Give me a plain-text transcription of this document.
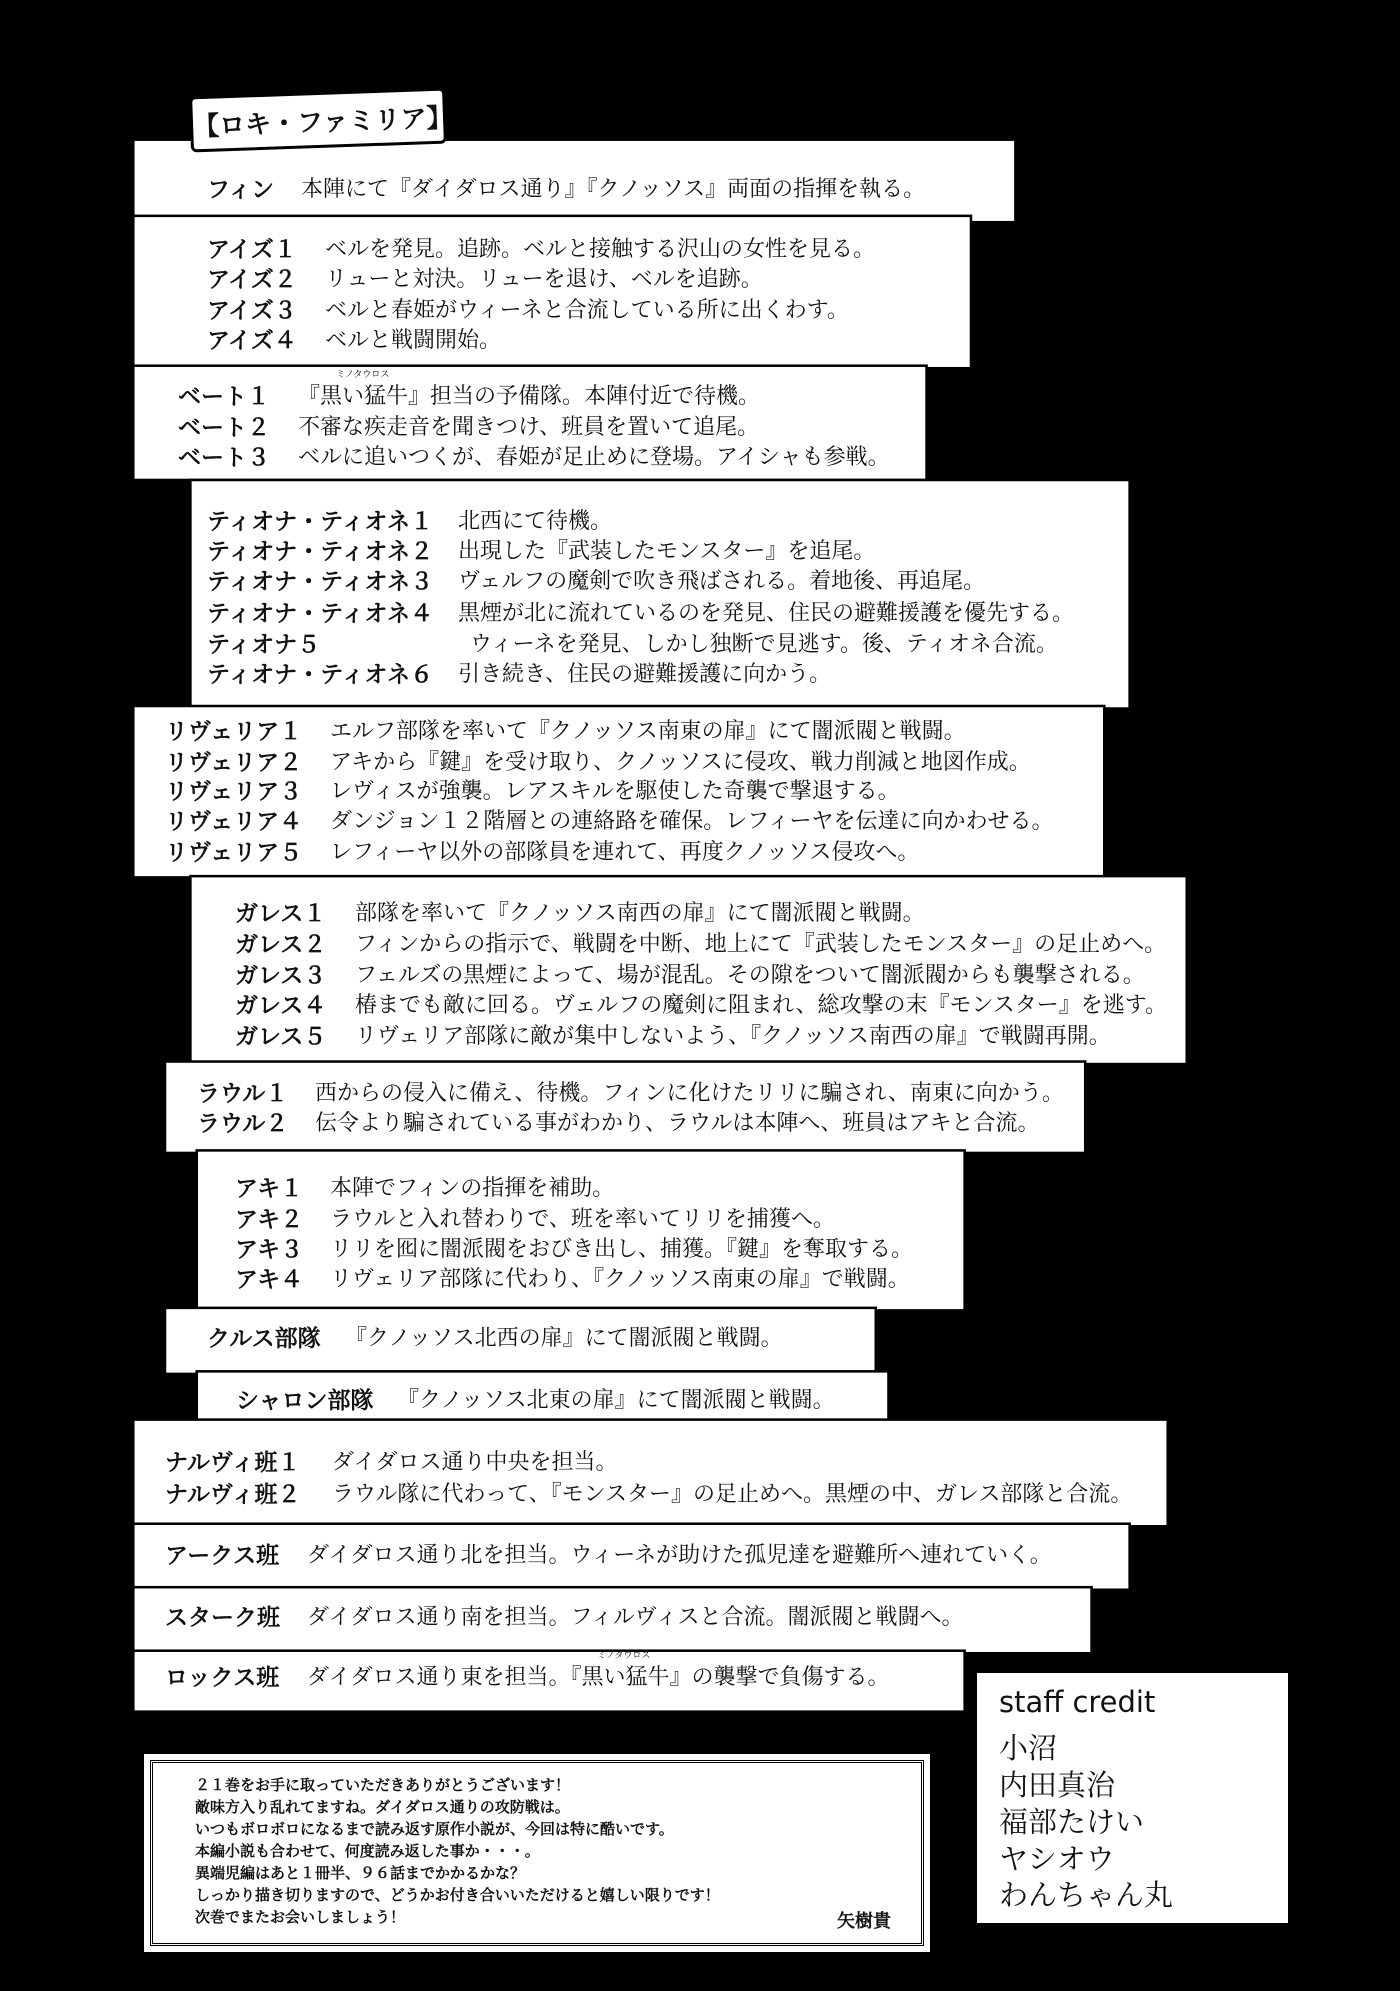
【ロキ・ファミリア】
フィン 本陣にて『ダイダロス通り』『クノッソス』両面の指揮を執る。
アイズ１ ベルを発見。追跡。ベルと接触する沢山の女性を見る。
アイズ２ リューと対決。リューを退け、ベルを追跡。
アイズ３ ベルと春姫がウィーネと合流している所に出くわす。
アイズ４ ベルと戦闘開始。
ベート１ 『黒い猛牛』担当の予備隊。本陣付近で待機。
ミノタウロス
ベート２ 不審な疾走音を聞きつけ、班員を置いて追尾。
ベート３ ベルに追いつくが、春姫が足止めに登場。アイシャも参戦。
ティオナ・ティオネ１ 北西にて待機。
ティオナ・ティオネ２ 出現した『武装したモンスター』を追尾。
ティオナ・ティオネ３ ヴェルフの魔剣で吹き飛ばされる。着地後、再追尾。
ティオナ・ティオネ４ 黒煙が北に流れているのを発見、住民の避難援護を優先する。
ティオナ５	ウィーネを発見、しかし独断で見逃す。後、ティオネ合流。
ティオナ・ティオネ６ 引き続き、住民の避難援護に向かう。
リヴェリア１ エルフ部隊を率いて『クノッソス南東の扉』にて闇派閥と戦闘。
リヴェリア２ アキから『鍵』を受け取り、クノッソスに侵攻、戦力削減と地図作成。
リヴェリア３ レヴィスが強襲。レアスキルを駆使した奇襲で撃退する。
リヴェリア４ ダンジョン１２階層との連絡路を確保。レフィーヤを伝達に向かわせる。
リヴェリア５ レフィーヤ以外の部隊員を連れて、再度クノッソス侵攻へ。
ガレス１ 部隊を率いて『クノッソス南西の扉』にて闇派閥と戦闘。
ガレス２ フィンからの指示で、戦闘を中断、地上にて『武装したモンスター』の足止めへ。
ガレス３ フェルズの黒煙によって、場が混乱。その隙をついて闇派閥からも襲撃される。
ガレス４ 椿までも敵に回る。ヴェルフの魔剣に阻まれ、総攻撃の末『モンスター』を逃す。
ガレス５ リヴェリア部隊に敵が集中しないよう、『クノッソス南西の扉』で戦闘再開。
ラウル１ 西からの侵入に備え、待機。フィンに化けたリリに騙され、南東に向かう。
ラウル２ 伝令より騙されている事がわかり、ラウルは本陣へ、班員はアキと合流。
アキ１ 本陣でフィンの指揮を補助。
アキ２ ラウルと入れ替わりで、班を率いてリリを捕獲へ。
アキ３ リリを囮に闇派閥をおびき出し、捕獲。『鍵』を奪取する。
アキ４ リヴェリア部隊に代わり、『クノッソス南東の扉』で戦闘。
クルス部隊 『クノッソス北西の扉』にて闇派閥と戦闘。
シャロン部隊 『クノッソス北東の扉』にて闇派閥と戦闘。
ナルヴィ班１ ダイダロス通り中央を担当。
ナルヴィ班２ ラウル隊に代わって、『モンスター』の足止めへ。黒煙の中、ガレス部隊と合流。
アークス班 ダイダロス通り北を担当。ウィーネが助けた孤児達を避難所へ連れていく。
スターク班 ダイダロス通り南を担当。フィルヴィスと合流。闇派閥と戦闘へ。
ロックス班 ダイダロス通り東を担当。『黒い猛牛』の襲撃で負傷する。
ミノタウロス
２１巻をお手に取っていただきありがとうございます！
敵味方入り乱れてますね。ダイダロス通りの攻防戦は。
いつもボロボロになるまで読み返す原作小説が、今回は特に酷いです。
本編小説も合わせて、何度読み返した事か・・・。
異端児編はあと１冊半、９６話までかかるかな？
しっかり描き切りますので、どうかお付き合いいただけると嬉しい限りです！
次巻でまたお会いしましょう！	矢樹貴
staff credit
小沼
内田真治
福部たけい
ヤシオウ
わんちゃん丸
